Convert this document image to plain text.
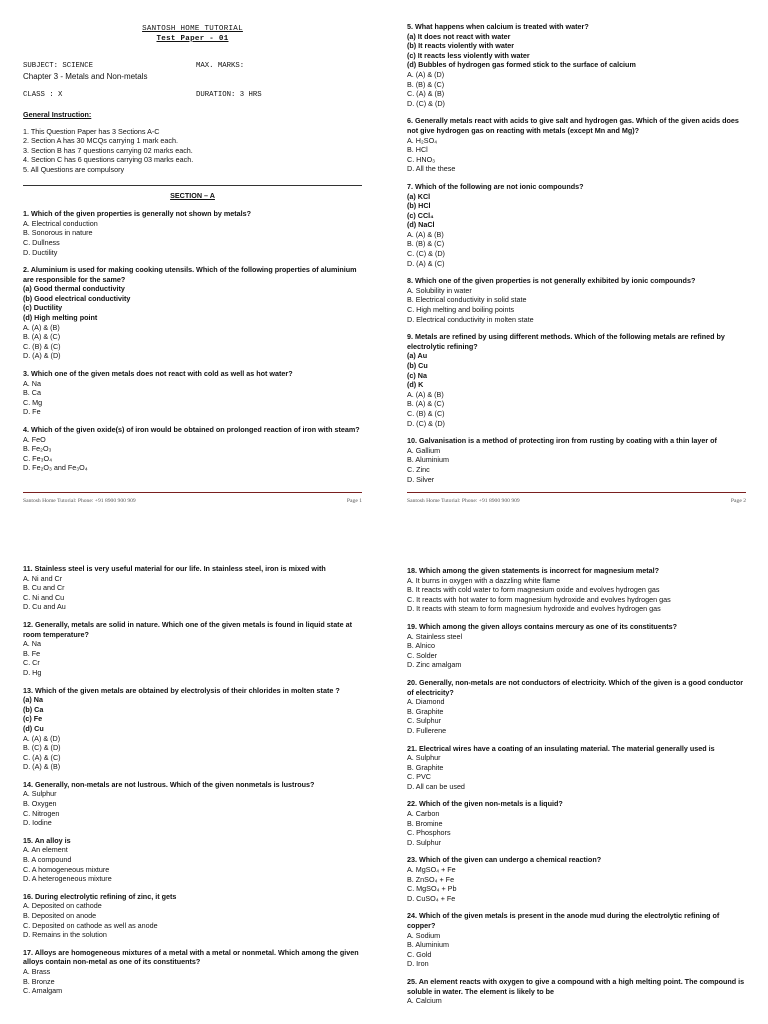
SANTOSH HOME TUTORIAL
Test Paper - 01
SUBJECT: SCIENCE	MAX. MARKS:
Chapter 3 - Metals and Non-metals
CLASS : X	DURATION: 3 HRS
General Instruction:
1. This Question Paper has 3 Sections A-C
2. Section A has 30 MCQs carrying 1 mark each.
3. Section B has 7 questions carrying 02 marks each.
4. Section C has 6 questions carrying 03 marks each.
5. All Questions are compulsory
SECTION – A
1. Which of the given properties is generally not shown by metals?
A. Electrical conduction
B. Sonorous in nature
C. Dullness
D. Ductility
2. Aluminium is used for making cooking utensils. Which of the following properties of aluminium are responsible for the same?
(a) Good thermal conductivity
(b) Good electrical conductivity
(c) Ductility
(d) High melting point
A. (A) & (B)
B. (A) & (C)
C. (B) & (C)
D. (A) & (D)
3. Which one of the given metals does not react with cold as well as hot water?
A. Na
B. Ca
C. Mg
D. Fe
4. Which of the given oxide(s) of iron would be obtained on prolonged reaction of iron with steam?
A. FeO
B. Fe₂O₃
C. Fe₃O₄
D. Fe₂O₃ and Fe₃O₄
Santosh Home Tutorial: Phone: +91 8900 900 909	Page 1
5. What happens when calcium is treated with water?
(a) It does not react with water
(b) It reacts violently with water
(c) It reacts less violently with water
(d) Bubbles of hydrogen gas formed stick to the surface of calcium
A. (A) & (D)
B. (B) & (C)
C. (A) & (B)
D. (C) & (D)
6. Generally metals react with acids to give salt and hydrogen gas. Which of the given acids does not give hydrogen gas on reacting with metals (except Mn and Mg)?
A. H₂SO₄
B. HCl
C. HNO₃
D. All the these
7. Which of the following are not ionic compounds?
(a) KCl
(b) HCl
(c) CCl₄
(d) NaCl
A. (A) & (B)
B. (B) & (C)
C. (C) & (D)
D. (A) & (C)
8. Which one of the given properties is not generally exhibited by ionic compounds?
A. Solubility in water
B. Electrical conductivity in solid state
C. High melting and boiling points
D. Electrical conductivity in molten state
9. Metals are refined by using different methods. Which of the following metals are refined by electrolytic refining?
(a) Au
(b) Cu
(c) Na
(d) K
A. (A) & (B)
B. (A) & (C)
C. (B) & (C)
D. (C) & (D)
10. Galvanisation is a method of protecting iron from rusting by coating with a thin layer of
A. Gallium
B. Aluminium
C. Zinc
D. Silver
Santosh Home Tutorial: Phone: +91 8900 900 909	Page 2
11. Stainless steel is very useful material for our life. In stainless steel, iron is mixed with
A. Ni and Cr
B. Cu and Cr
C. Ni and Cu
D. Cu and Au
12. Generally, metals are solid in nature. Which one of the given metals is found in liquid state at room temperature?
A. Na
B. Fe
C. Cr
D. Hg
13. Which of the given metals are obtained by electrolysis of their chlorides in molten state ?
(a) Na
(b) Ca
(c) Fe
(d) Cu
A. (A) & (D)
B. (C) & (D)
C. (A) & (C)
D. (A) & (B)
14. Generally, non-metals are not lustrous. Which of the given nonmetals is lustrous?
A. Sulphur
B. Oxygen
C. Nitrogen
D. Iodine
15. An alloy is
A. An element
B. A compound
C. A homogeneous mixture
D. A heterogeneous mixture
16. During electrolytic refining of zinc, it gets
A. Deposited on cathode
B. Deposited on anode
C. Deposited on cathode as well as anode
D. Remains in the solution
17. Alloys are homogeneous mixtures of a metal with a metal or nonmetal. Which among the given alloys contain non-metal as one of its constituents?
A. Brass
B. Bronze
C. Amalgam
18. Which among the given statements is incorrect for magnesium metal?
A. It burns in oxygen with a dazzling white flame
B. It reacts with cold water to form magnesium oxide and evolves hydrogen gas
C. It reacts with hot water to form magnesium hydroxide and evolves hydrogen gas
D. It reacts with steam to form magnesium hydroxide and evolves hydrogen gas
19. Which among the given alloys contains mercury as one of its constituents?
A. Stainless steel
B. Alnico
C. Solder
D. Zinc amalgam
20. Generally, non-metals are not conductors of electricity. Which of the given is a good conductor of electricity?
A. Diamond
B. Graphite
C. Sulphur
D. Fullerene
21. Electrical wires have a coating of an insulating material. The material generally used is
A. Sulphur
B. Graphite
C. PVC
D. All can be used
22. Which of the given non-metals is a liquid?
A. Carbon
B. Bromine
C. Phosphors
D. Sulphur
23. Which of the given can undergo a chemical reaction?
A. MgSO₄ + Fe
B. ZnSO₄ + Fe
C. MgSO₄ + Pb
D. CuSO₄ + Fe
24. Which of the given metals is present in the anode mud during the electrolytic refining of copper?
A. Sodium
B. Aluminium
C. Gold
D. Iron
25. An element reacts with oxygen to give a compound with a high melting point. The compound is soluble in water. The element is likely to be
A. Calcium
